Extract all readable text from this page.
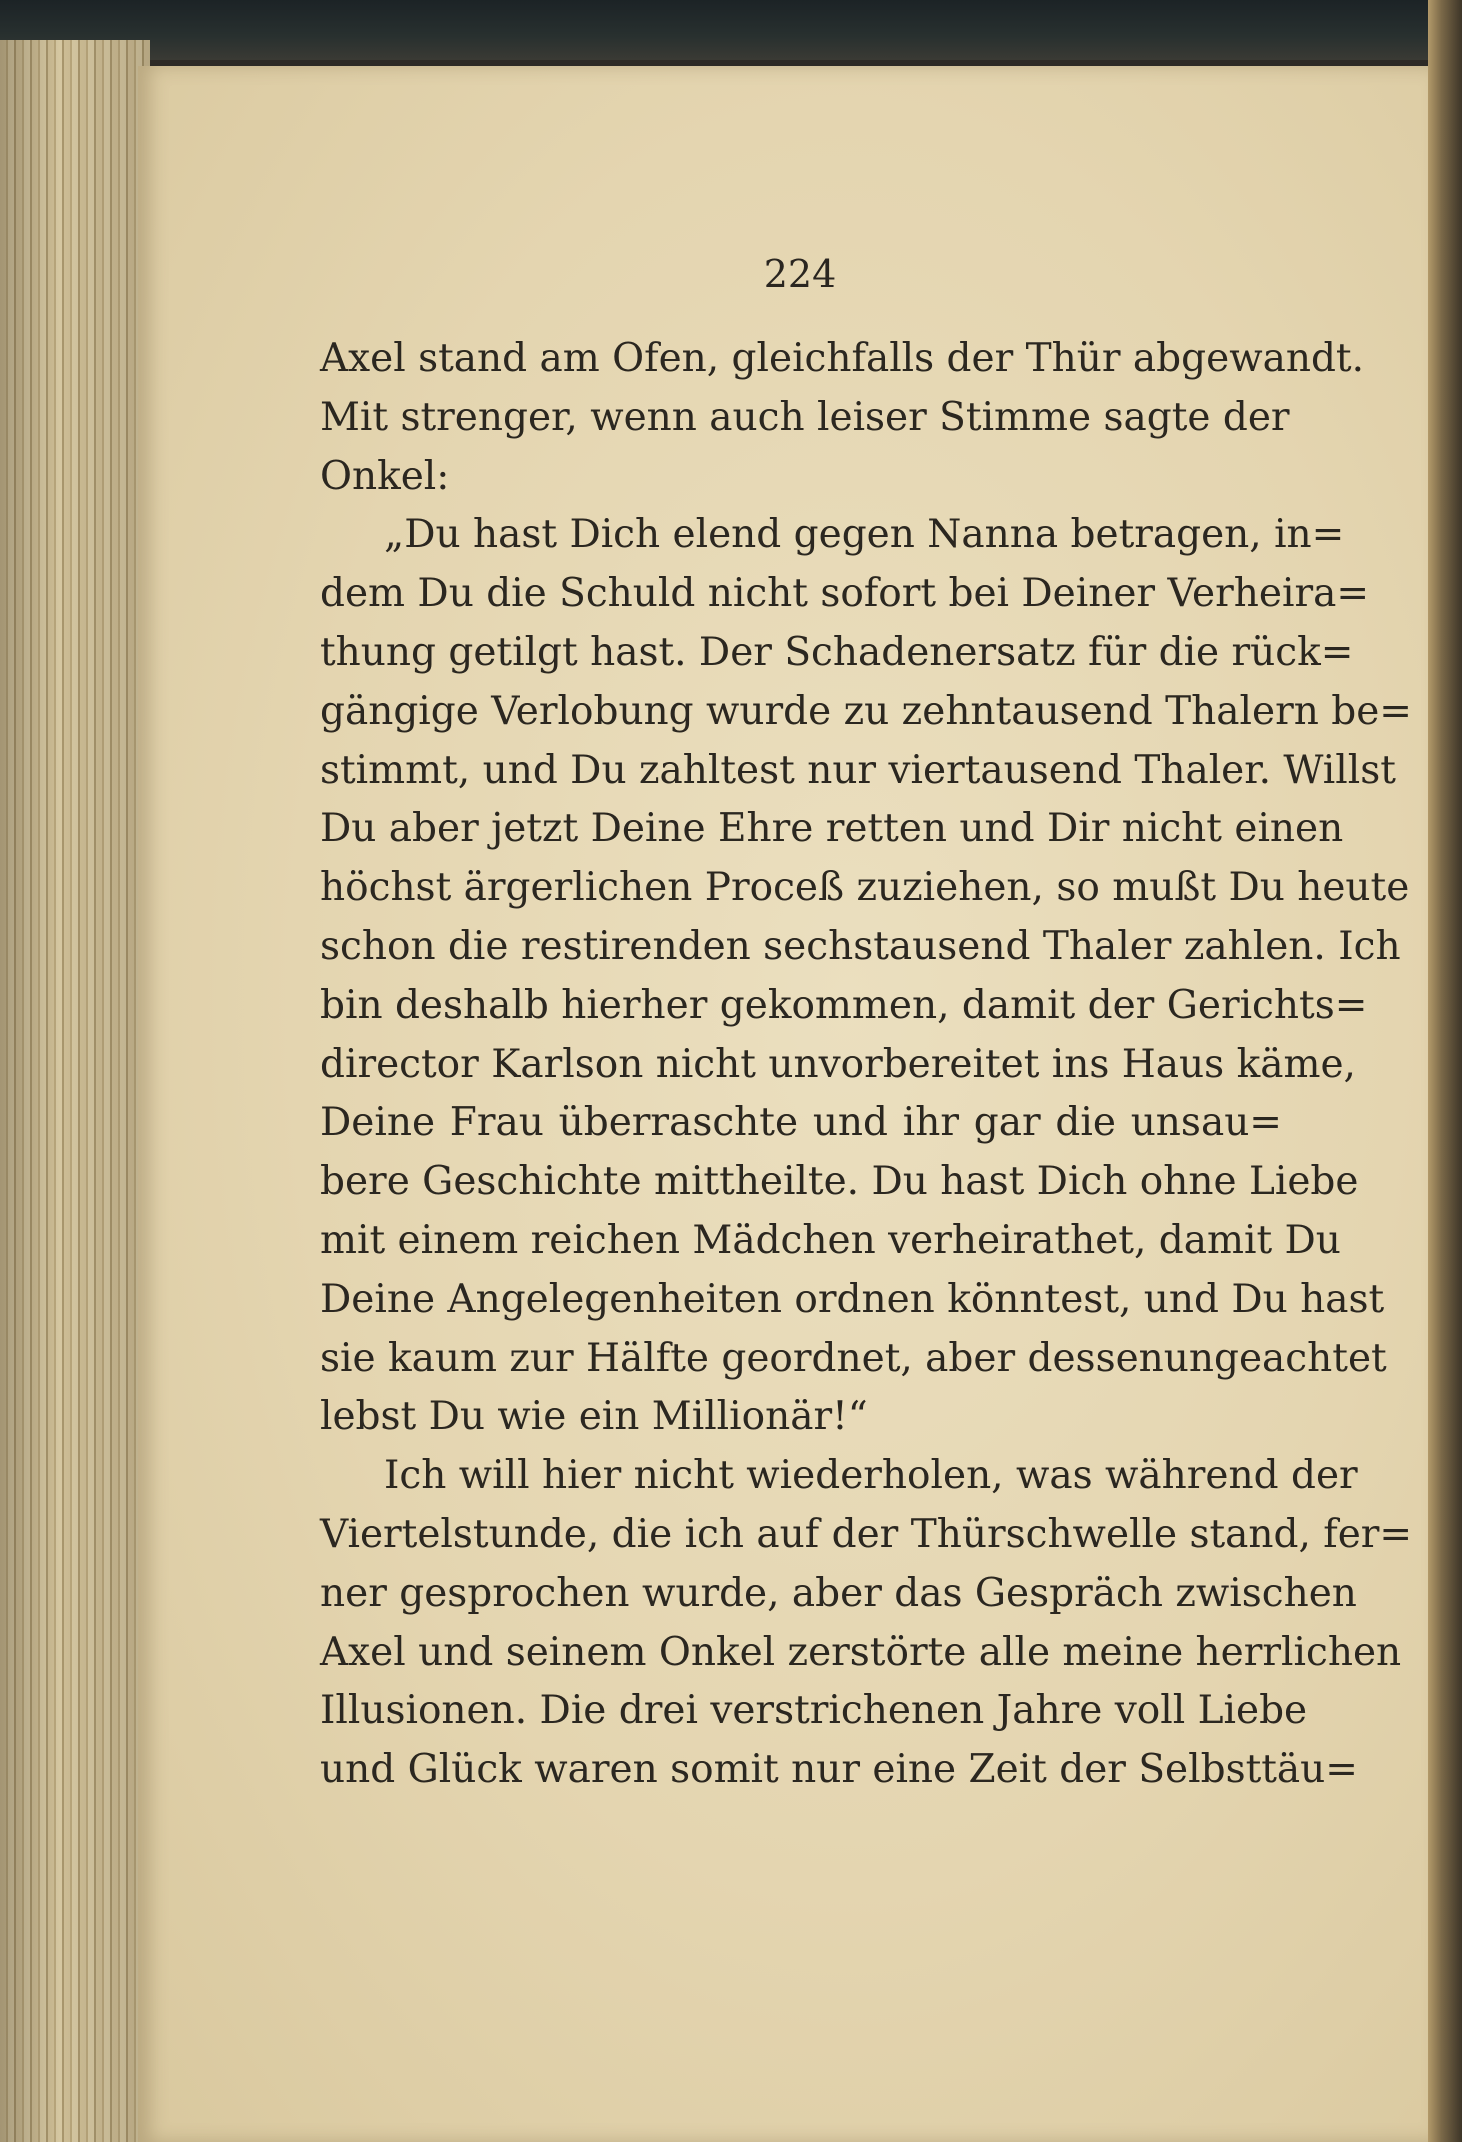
224
Axel stand am Ofen, gleichfalls der Thür abgewandt.
Mit strenger, wenn auch leiser Stimme sagte der
Onkel:
„Du hast Dich elend gegen Nanna betragen, in=
dem Du die Schuld nicht sofort bei Deiner Verheira=
thung getilgt hast. Der Schadenersatz für die rück=
gängige Verlobung wurde zu zehntausend Thalern be=
stimmt, und Du zahltest nur viertausend Thaler. Willst
Du aber jetzt Deine Ehre retten und Dir nicht einen
höchst ärgerlichen Proceß zuziehen, so mußt Du heute
schon die restirenden sechstausend Thaler zahlen. Ich
bin deshalb hierher gekommen, damit der Gerichts=
director Karlson nicht unvorbereitet ins Haus käme,
Deine Frau überraschte und ihr gar die unsau=
bere Geschichte mittheilte. Du hast Dich ohne Liebe
mit einem reichen Mädchen verheirathet, damit Du
Deine Angelegenheiten ordnen könntest, und Du hast
sie kaum zur Hälfte geordnet, aber dessenungeachtet
lebst Du wie ein Millionär!“
Ich will hier nicht wiederholen, was während der
Viertelstunde, die ich auf der Thürschwelle stand, fer=
ner gesprochen wurde, aber das Gespräch zwischen
Axel und seinem Onkel zerstörte alle meine herrlichen
Illusionen. Die drei verstrichenen Jahre voll Liebe
und Glück waren somit nur eine Zeit der Selbsttäu=
